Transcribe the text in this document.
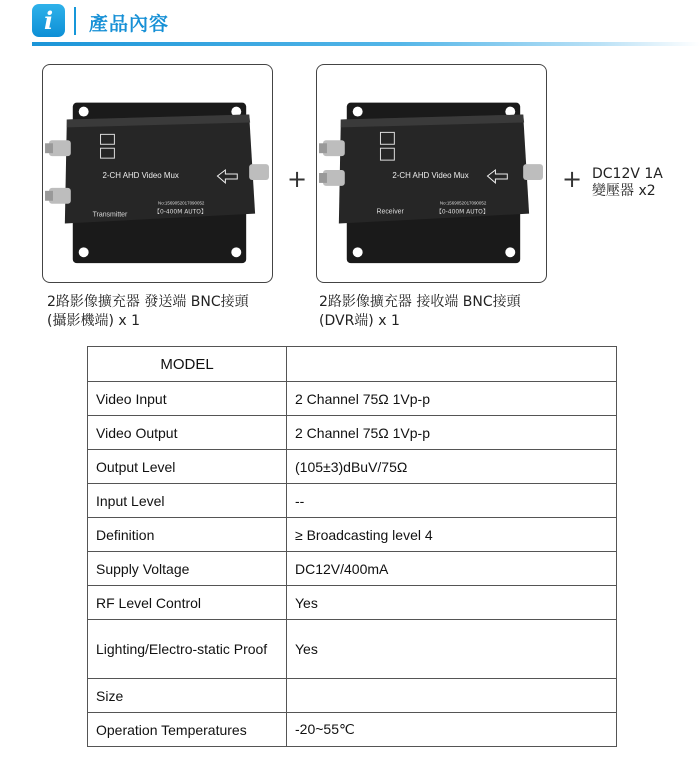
i	產品內容
2-CH AHD Video Mux
Transmitter
No:1569052017090052
【0-400M AUTO】
+	2-CH AHD Video Mux
Receiver
No:1569052017090052
【0-400M AUTO】
+ DC12V 1A
變壓器 x2
2路影像擴充器 發送端 BNC接頭
(攝影機端) x 1
2路影像擴充器 接收端 BNC接頭
(DVR端) x 1
MODEL	
Video Input	2 Channel 75Ω 1Vp-p
Video Output	2 Channel 75Ω 1Vp-p
Output Level	(105±3)dBuV/75Ω
Input Level	--
Definition	≥ Broadcasting level 4
Supply Voltage	DC12V/400mA
RF Level Control	Yes
Lighting/Electro-static Proof	Yes
Size	
Operation Temperatures	-20~55℃
